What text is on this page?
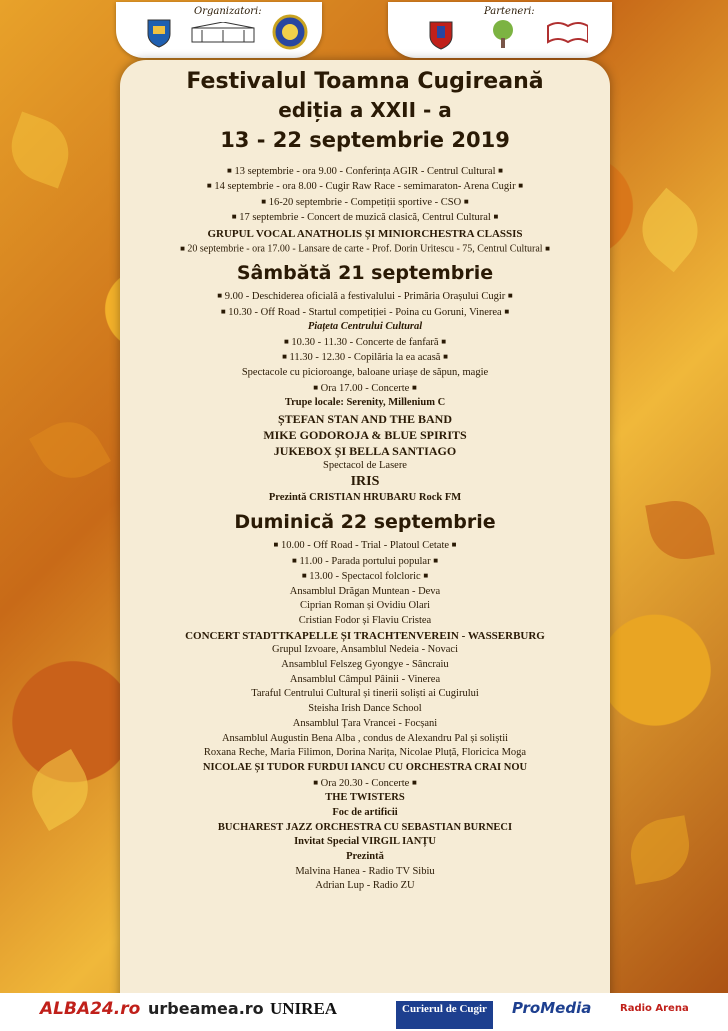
Organizatori:	Parteneri:

Festivalul Toamna Cugireană

ediția a XXII - a

13 - 22 septembrie 2019

■ 13 septembrie - ora 9.00 - Conferința AGIR - Centrul Cultural ■
■ 14 septembrie - ora 8.00 - Cugir Raw Race - semimaraton- Arena Cugir ■
■ 16-20 septembrie - Competiții sportive - CSO ■
■ 17 septembrie - Concert de muzică clasică, Centrul Cultural ■
GRUPUL VOCAL ANATHOLIS ȘI MINIORCHESTRA CLASSIS
■ 20 septembrie - ora 17.00 - Lansare de carte - Prof. Dorin Uritescu - 75, Centrul Cultural ■
Sâmbătă 21 septembrie
■ 9.00 - Deschiderea oficială a festivalului - Primăria Orașului Cugir ■
■ 10.30 - Off Road - Startul competiției - Poina cu Goruni, Vinerea ■
Piațeta Centrului Cultural
■ 10.30 - 11.30 - Concerte de fanfară ■
■ 11.30 - 12.30 - Copilăria la ea acasă ■
Spectacole cu picioroange, baloane uriașe de săpun, magie
■ Ora 17.00 - Concerte ■
Trupe locale: Serenity, Millenium C
ȘTEFAN STAN AND THE BAND
MIKE GODOROJA & BLUE SPIRITS
JUKEBOX ȘI BELLA SANTIAGO
Spectacol de Lasere
IRIS
Prezintă CRISTIAN HRUBARU Rock FM
Duminică 22 septembrie
■ 10.00 - Off Road - Trial - Platoul Cetate ■
■ 11.00 - Parada portului popular ■
■ 13.00 - Spectacol folcloric ■
Ansamblul Drăgan Muntean - Deva
Ciprian Roman și Ovidiu Olari
Cristian Fodor și Flaviu Cristea
CONCERT STADTTKAPELLE ȘI TRACHTENVEREIN - WASSERBURG
Grupul Izvoare, Ansamblul Nedeia - Novaci
Ansamblul Felszeg Gyongye - Sâncraiu
Ansamblul Câmpul Pâinii - Vinerea
Taraful Centrului Cultural și tinerii soliști ai Cugirului
Steisha Irish Dance School
Ansamblul Țara Vrancei - Focșani
Ansamblul Augustin Bena Alba , condus de Alexandru Pal și soliștii
Roxana Reche, Maria Filimon, Dorina Narița, Nicolae Pluță, Floricica Moga
NICOLAE ȘI TUDOR FURDUI IANCU CU ORCHESTRA CRAI NOU
■ Ora 20.30 - Concerte ■
THE TWISTERS
Foc de artificii
BUCHAREST JAZZ ORCHESTRA CU SEBASTIAN BURNECI
Invitat Special VIRGIL IANȚU
Prezintă
Malvina Hanea - Radio TV Sibiu
Adrian Lup - Radio ZU
ALBA24.ro urbeamea.ro UNIREA	Curierul de Cugir	ProMedia	Radio Arena
